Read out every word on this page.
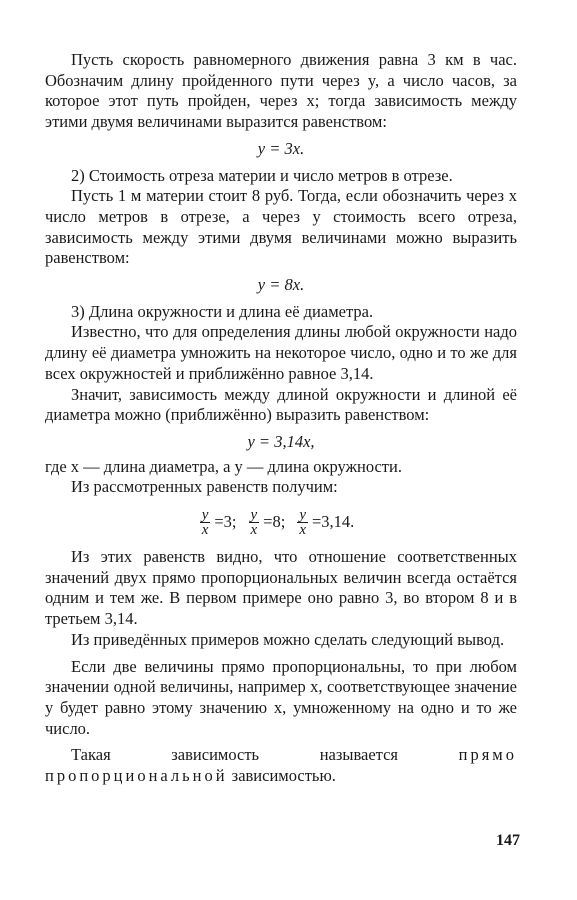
Пусть скорость равномерного движения равна 3 км в час. Обозначим длину пройденного пути через y, а число часов, за которое этот путь пройден, через x; тогда зависимость между этими двумя величинами выразится равенством:

y = 3x.

2) Стоимость отреза материи и число метров в отрезе.

Пусть 1 м материи стоит 8 руб. Тогда, если обозначить через x число метров в отрезе, а через y стоимость всего отреза, зависимость между этими двумя величинами можно выразить равенством:

y = 8x.

3) Длина окружности и длина её диаметра.

Известно, что для определения длины любой окружности надо длину её диаметра умножить на некоторое число, одно и то же для всех окружностей и приближённо равное 3,14.

Значит, зависимость между длиной окружности и длиной её диаметра можно (приближённо) выразить равенством:

y = 3,14x,

где x — длина диаметра, а y — длина окружности.

Из рассмотренных равенств получим:

$\frac{y}{x} =3$; $\frac{y}{x} =8$; $\frac{y}{x} =3,14$.

Из этих равенств видно, что отношение соответственных значений двух прямо пропорциональных величин всегда остаётся одним и тем же. В первом примере оно равно 3, во втором 8 и в третьем 3,14.

Из приведённых примеров можно сделать следующий вывод.

Если две величины прямо пропорциональны, то при любом значении одной величины, например x, соответствующее значение y будет равно этому значению x, умноженному на одно и то же число.

Такая зависимость называется	прямо пропорциональной зависимостью.

147
